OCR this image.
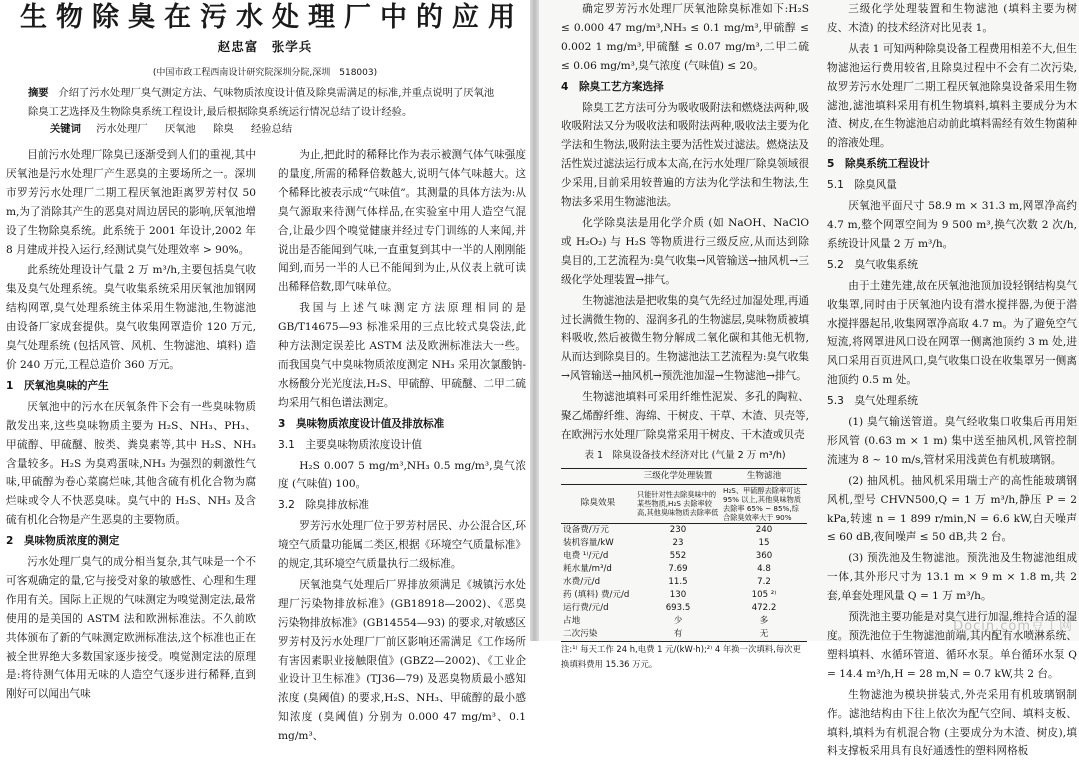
生物除臭在污水处理厂中的应用
赵忠富　张学兵
(中国市政工程西南设计研究院深圳分院,深圳　518003)
摘要 介绍了污水处理厂臭气测定方法、气味物质浓度设计值及除臭需满足的标准,并重点说明了厌氧池除臭工艺选择及生物除臭系统工程设计,最后根据除臭系统运行情况总结了设计经验。
关键词 污水处理厂 厌氧池 除臭 经验总结

目前污水处理厂除臭已逐渐受到人们的重视,其中厌氧池是污水处理厂产生恶臭的主要场所之一。深圳市罗芳污水处理厂二期工程厌氧池距离罗芳村仅 50 m,为了消除其产生的恶臭对周边居民的影响,厌氧池增设了生物除臭系统。此系统于 2001 年设计,2002 年 8 月建成并投入运行,经测试臭气处理效率 > 90%。

此系统处理设计气量 2 万 m³/h,主要包括臭气收集及臭气处理系统。臭气收集系统采用厌氧池加钢网结构网罩,臭气处理系统主体采用生物滤池,生物滤池由设备厂家成套提供。臭气收集网罩造价 120 万元,臭气处理系统 (包括风管、风机、生物滤池、填料) 造价 240 万元,工程总造价 360 万元。

1　厌氧池臭味的产生

厌氧池中的污水在厌氧条件下会有一些臭味物质散发出来,这些臭味物质主要为 H₂S、NH₃、PH₃、甲硫醇、甲硫醚、胺类、粪臭素等,其中 H₂S、NH₃ 含量较多。H₂S 为臭鸡蛋味,NH₃ 为强烈的刺激性气味,甲硫醇为卷心菜腐烂味,其他含硫有机化合物为腐烂味或令人不快恶臭味。臭气中的 H₂S、NH₃ 及含硫有机化合物是产生恶臭的主要物质。

2　臭味物质浓度的测定

污水处理厂臭气的成分相当复杂,其气味是一个不可客观确定的量,它与接受对象的敏感性、心理和生理作用有关。国际上正规的气味测定为嗅觉测定法,最常使用的是美国的 ASTM 法和欧洲标准法。不久前欧共体颁布了新的气味测定欧洲标准法,这个标准也正在被全世界绝大多数国家逐步接受。嗅觉测定法的原理是:将待测气体用无味的人造空气逐步进行稀释,直到刚好可以闻出气味

为止,把此时的稀释比作为表示被测气体气味强度的量度,所需的稀释倍数越大,说明气体气味越大。这个稀释比被表示成“气味值”。其测量的具体方法为:从臭气源取来待测气体样品,在实验室中用人造空气混合,让最少四个嗅觉健康并经过专门训练的人来闻,并说出是否能闻到气味,一直重复到其中一半的人刚刚能闻到,而另一半的人已不能闻到为止,从仪表上就可读出稀释倍数,即气味单位。

我国与上述气味测定方法原理相同的是 GB/T14675—93 标准采用的三点比较式臭袋法,此种方法测定误差比 ASTM 法及欧洲标准法大一些。而我国臭气中臭味物质浓度测定 NH₃ 采用次氯酸钠-水杨酸分光光度法,H₂S、甲硫醇、甲硫醚、二甲二硫均采用气相色谱法测定。

3　臭味物质浓度设计值及排放标准
3.1　主要臭味物质浓度设计值

H₂S 0.007 5 mg/m³,NH₃ 0.5 mg/m³,臭气浓度 (气味值) 100。

3.2　除臭排放标准

罗芳污水处理厂位于罗芳村居民、办公混合区,环境空气质量功能属二类区,根据《环境空气质量标准》的规定,其环境空气质量执行二级标准。

厌氧池臭气处理后厂界排放须满足《城镇污水处理厂污染物排放标准》(GB18918—2002)、《恶臭污染物排放标准》(GB14554—93) 的要求,对敏感区罗芳村及污水处理厂厂前区影响还需满足《工作场所有害因素职业接触限值》(GBZ2—2002)、《工业企业设计卫生标准》(TJ36—79) 及恶臭物质最小感知浓度 (臭阈值) 的要求,H₂S、NH₃、甲硫醇的最小感知浓度 (臭阈值) 分别为 0.000 47 mg/m³、0.1 mg/m³、

确定罗芳污水处理厂厌氧池除臭标准如下:H₂S ≤ 0.000 47 mg/m³,NH₃ ≤ 0.1 mg/m³,甲硫醇 ≤ 0.002 1 mg/m³,甲硫醚 ≤ 0.07 mg/m³,二甲二硫 ≤ 0.06 mg/m³,臭气浓度 (气味值) ≤ 20。

4　除臭工艺方案选择

除臭工艺方法可分为吸收吸附法和燃烧法两种,吸收吸附法又分为吸收法和吸附法两种,吸收法主要为化学法和生物法,吸附法主要为活性炭过滤法。燃烧法及活性炭过滤法运行成本太高,在污水处理厂除臭领域很少采用,目前采用较普遍的方法为化学法和生物法,生物法多采用生物滤池法。

化学除臭法是用化学介质 (如 NaOH、NaClO 或 H₂O₂) 与 H₂S 等物质进行三级反应,从而达到除臭目的,工艺流程为:臭气收集→风管输送→抽风机→三级化学处理装置→排气。

生物滤池法是把收集的臭气先经过加湿处理,再通过长满微生物的、湿润多孔的生物滤层,臭味物质被填料吸收,然后被微生物分解成二氧化碳和其他无机物,从而达到除臭目的。生物滤池法工艺流程为:臭气收集→风管输送→抽风机→预洗池加湿→生物滤池→排气。

生物滤池填料可采用纤维性泥炭、多孔的陶粒、聚乙烯醇纤维、海绵、干树皮、干草、木渣、贝壳等,在欧洲污水处理厂除臭常采用干树皮、干木渣或贝壳

表 1　除臭设备技术经济对比 (气量 2 万 m³/h)
	三级化学处理装置	生物滤池
除臭效果	只能针对性去除臭味中的某些物质,H₂S 去除率较高,其他臭味物质去除率低	H₂S、甲硫醇去除率可达 95% 以上,其他臭味物质去除率 65% ~ 85%,综合除臭效率大于 90%
设备费/万元	230	240
装机容量/kW	23	15
电费 ¹⁾/元/d	552	360
耗水量/m³/d	7.69	4.8
水费/元/d	11.5	7.2
药 (填料) 费/元/d	130	105 ²⁾
运行费/元/d	693.5	472.2
占地	少	多
二次污染	有	无
注:¹⁾ 每天工作 24 h,电费 1 元/(kW·h);²⁾ 4 年换一次填料,每次更换填料费用 15.36 万元。

三级化学处理装置和生物滤池 (填料主要为树皮、木渣) 的技术经济对比见表 1。

从表 1 可知两种除臭设备工程费用相差不大,但生物滤池运行费用较省,且除臭过程中不会有二次污染,故罗芳污水处理厂二期工程厌氧池除臭设备采用生物滤池,滤池填料采用有机生物填料,填料主要成分为木渣、树皮,在生物滤池启动前此填料需经有效生物菌种的溶液处理。

5　除臭系统工程设计
5.1　除臭风量

厌氧池平面尺寸 58.9 m × 31.3 m,网罩净高约 4.7 m,整个网罩空间为 9 500 m³,换气次数 2 次/h,系统设计风量 2 万 m³/h。

5.2　臭气收集系统

由于土建先建,故在厌氧池池顶加设轻钢结构臭气收集罩,同时由于厌氧池内设有潜水搅拌器,为便于潜水搅拌器起吊,收集网罩净高取 4.7 m。为了避免空气短流,将网罩进风口设在网罩一侧离池顶约 3 m 处,进风口采用百页进风口,臭气收集口设在收集罩另一侧离池顶约 0.5 m 处。

5.3　臭气处理系统

(1) 臭气输送管道。臭气经收集口收集后再用矩形风管 (0.63 m × 1 m) 集中送至抽风机,风管控制流速为 8 ~ 10 m/s,管材采用浅黄色有机玻璃钢。

(2) 抽风机。抽风机采用瑞士产的高性能玻璃钢风机,型号 CHVN500,Q = 1 万 m³/h,静压 P = 2 kPa,转速 n = 1 899 r/min,N = 6.6 kW,白天噪声 ≤ 60 dB,夜间噪声 ≤ 50 dB,共 2 台。

(3) 预洗池及生物滤池。预洗池及生物滤池组成一体,其外形尺寸为 13.1 m × 9 m × 1.8 m,共 2 套,单套处理风量 Q = 1 万 m³/h。

预洗池主要功能是对臭气进行加湿,维持合适的湿度。预洗池位于生物滤池前端,其内配有水喷淋系统、塑料填料、水循环管道、循环水泵。单台循环水泵 Q = 14.4 m³/h,H = 28 m,N = 0.7 kW,共 2 台。

生物滤池为模块拼装式,外壳采用有机玻璃钢制作。滤池结构由下往上依次为配气空间、填料支板、填料,填料为有机混合物 (主要成分为木渣、树皮),填料支撑板采用具有良好通透性的塑料网格板

Docin.com豆丁网
